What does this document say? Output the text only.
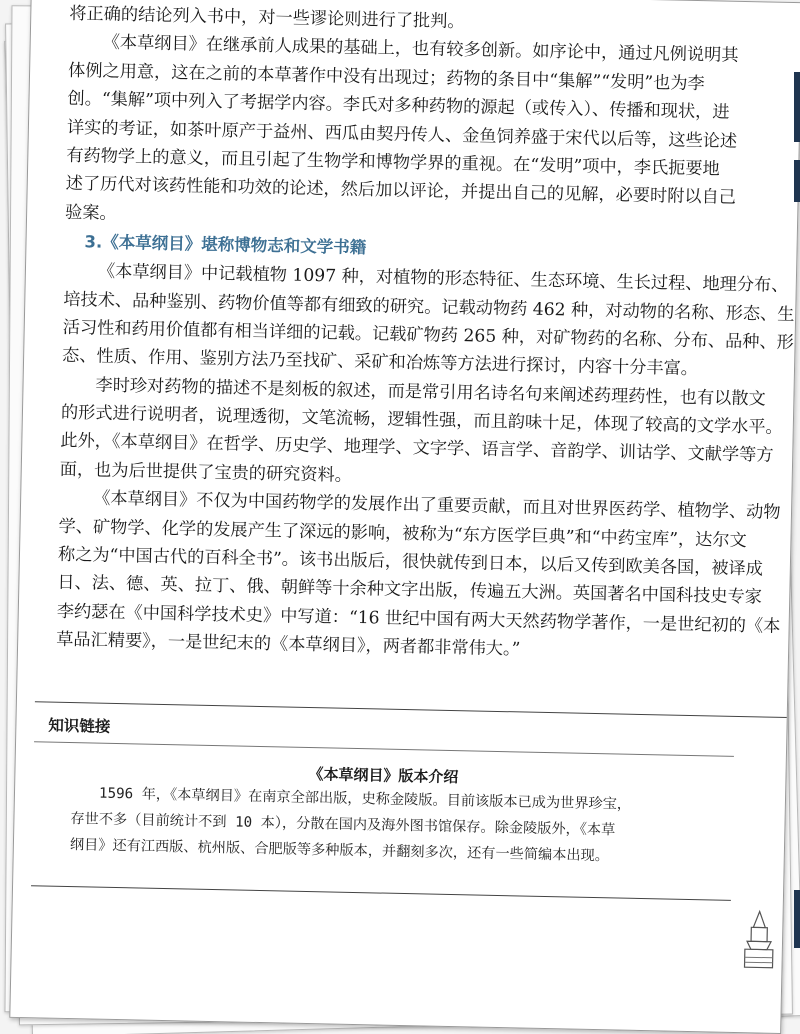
将正确的结论列入书中，对一些谬论则进行了批判。
《本草纲目》在继承前人成果的基础上，也有较多创新。如序论中，通过凡例说明其
体例之用意，这在之前的本草著作中没有出现过；药物的条目中“集解”“发明”也为李
创。“集解”项中列入了考据学内容。李氏对多种药物的源起（或传入）、传播和现状，进
详实的考证，如茶叶原产于益州、西瓜由契丹传人、金鱼饲养盛于宋代以后等，这些论述
有药物学上的意义，而且引起了生物学和博物学界的重视。在“发明”项中，李氏扼要地
述了历代对该药性能和功效的论述，然后加以评论，并提出自己的见解，必要时附以自己
验案。
3.《本草纲目》堪称博物志和文学书籍
《本草纲目》中记载植物 1097 种，对植物的形态特征、生态环境、生长过程、地理分布、
培技术、品种鉴别、药物价值等都有细致的研究。记载动物药 462 种，对动物的名称、形态、生
活习性和药用价值都有相当详细的记载。记载矿物药 265 种，对矿物药的名称、分布、品种、形
态、性质、作用、鉴别方法乃至找矿、采矿和冶炼等方法进行探讨，内容十分丰富。
李时珍对药物的描述不是刻板的叙述，而是常引用名诗名句来阐述药理药性，也有以散文
的形式进行说明者，说理透彻，文笔流畅，逻辑性强，而且韵味十足，体现了较高的文学水平。
此外，《本草纲目》在哲学、历史学、地理学、文字学、语言学、音韵学、训诂学、文献学等方
面，也为后世提供了宝贵的研究资料。
《本草纲目》不仅为中国药物学的发展作出了重要贡献，而且对世界医药学、植物学、动物
学、矿物学、化学的发展产生了深远的影响，被称为“东方医学巨典”和“中药宝库”，达尔文
称之为“中国古代的百科全书”。该书出版后，很快就传到日本，以后又传到欧美各国，被译成
日、法、德、英、拉丁、俄、朝鲜等十余种文字出版，传遍五大洲。英国著名中国科技史专家
李约瑟在《中国科学技术史》中写道：“16 世纪中国有两大天然药物学著作，一是世纪初的《本
草品汇精要》，一是世纪末的《本草纲目》，两者都非常伟大。”
知识链接
《本草纲目》版本介绍
1596 年，《本草纲目》在南京全部出版，史称金陵版。目前该版本已成为世界珍宝，
存世不多（目前统计不到 10 本），分散在国内及海外图书馆保存。除金陵版外，《本草
纲目》还有江西版、杭州版、合肥版等多种版本，并翻刻多次，还有一些简编本出现。
